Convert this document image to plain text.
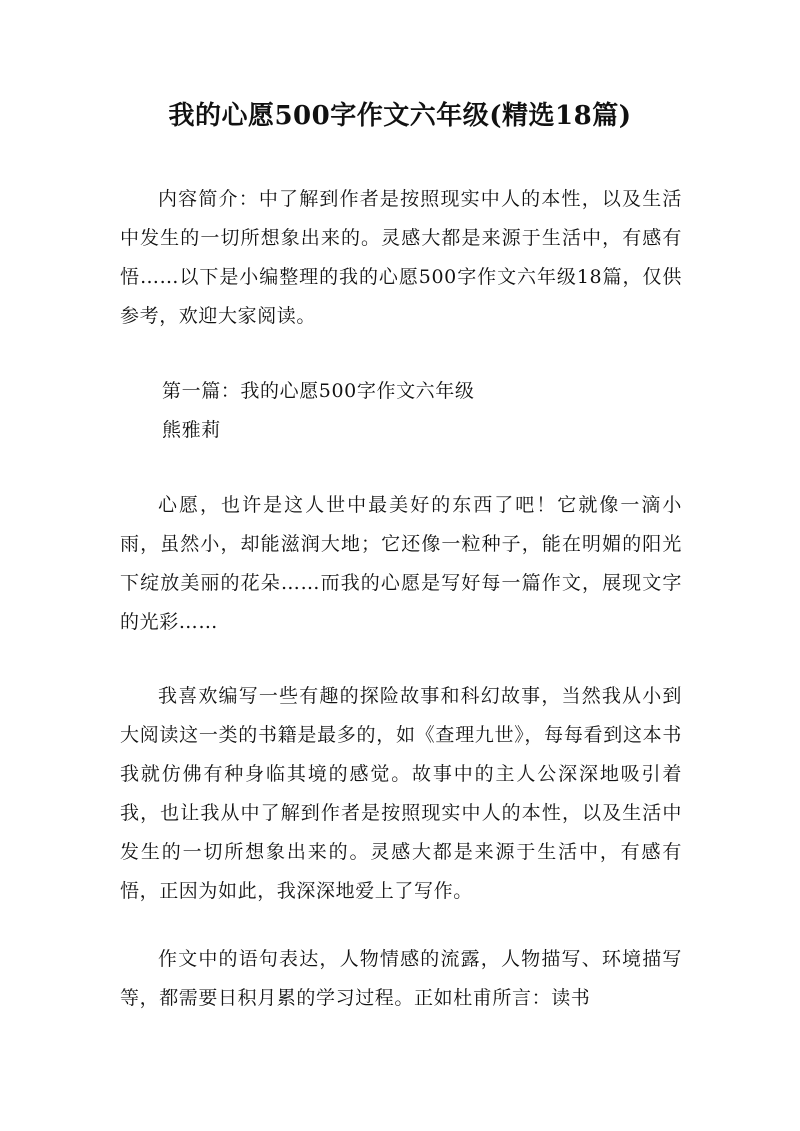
我的心愿500字作文六年级(精选18篇)

内容简介：中了解到作者是按照现实中人的本性，以及生活中发生的一切所想象出来的。灵感大都是来源于生活中，有感有悟……以下是小编整理的我的心愿500字作文六年级18篇，仅供参考，欢迎大家阅读。

第一篇：我的心愿500字作文六年级

熊雅莉

心愿，也许是这人世中最美好的东西了吧！它就像一滴小雨，虽然小，却能滋润大地；它还像一粒种子，能在明媚的阳光下绽放美丽的花朵……而我的心愿是写好每一篇作文，展现文字的光彩……

我喜欢编写一些有趣的探险故事和科幻故事，当然我从小到大阅读这一类的书籍是最多的，如《查理九世》，每每看到这本书我就仿佛有种身临其境的感觉。故事中的主人公深深地吸引着我，也让我从中了解到作者是按照现实中人的本性，以及生活中发生的一切所想象出来的。灵感大都是来源于生活中，有感有悟，正因为如此，我深深地爱上了写作。

作文中的语句表达，人物情感的流露，人物描写、环境描写等，都需要日积月累的学习过程。正如杜甫所言：读书
